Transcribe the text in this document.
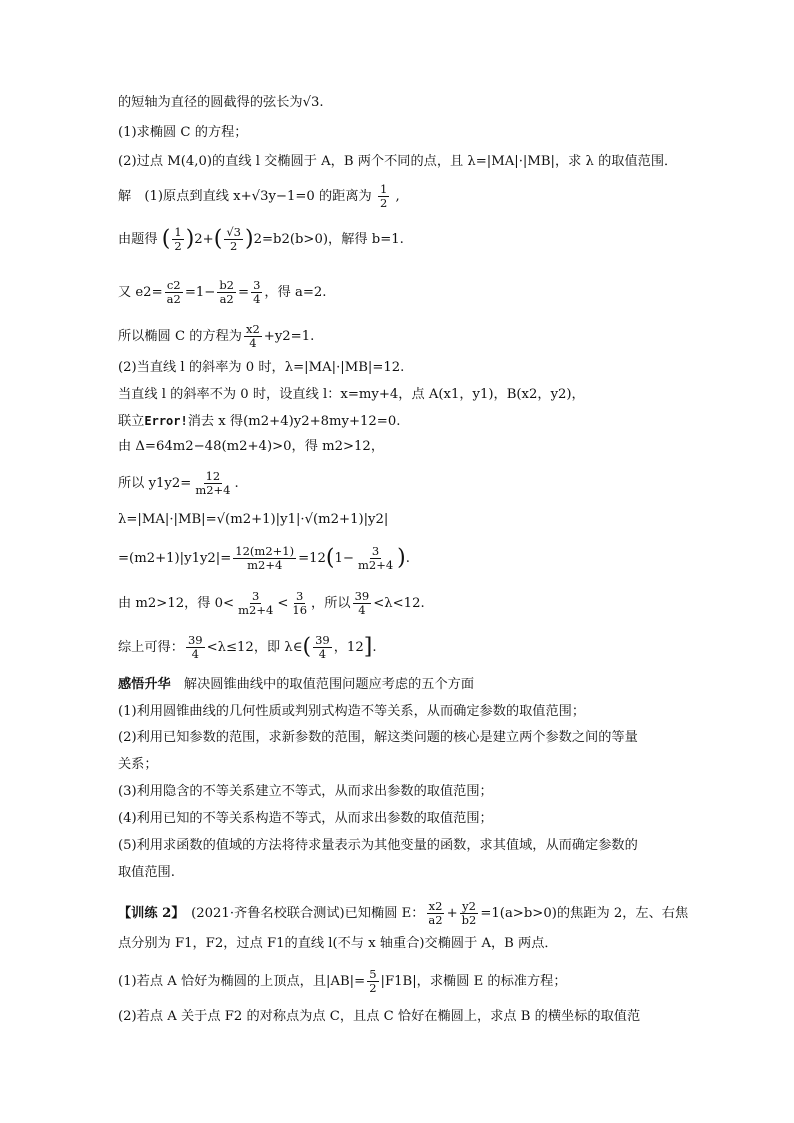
的短轴为直径的圆截得的弦长为√3.
(1)求椭圆 C 的方程；
(2)过点 M(4,0)的直线 l 交椭圆于 A，B 两个不同的点，且 λ=|MA|·|MB|，求 λ 的取值范围．
解　(1)原点到直线 x+√3y−1=0 的距离为 $\frac{1}{2}$ ,
由题得 ( $\frac{1}{2} )2+( \frac{√3}{2} )2=b2(b>0)$，解得 b=1.
又 $e2= \frac{c2}{a2} =1- \frac{b2}{a2} = \frac{3}{4}$ ，得 a=2.
所以椭圆 C 的方程为 $\frac{x2}{4} +y2=1$.
(2)当直线 l 的斜率为 0 时，λ=|MA|·|MB|=12.
当直线 l 的斜率不为 0 时，设直线 l：x=my+4，点 A(x1，y1)，B(x2，y2)，
联立Error!消去 x 得(m2+4)y2+8my+12=0.
由 Δ=64m2−48(m2+4)>0，得 m2>12，
所以 $y1y2= \frac{12}{m2+4}$ .
λ=|MA|·|MB|=√(m2+1)|y1|·√(m2+1)|y2|
$=(m2+1)|y1y2|= \frac{12(m2+1)}{m2+4} =12(1- \frac{3}{m2+4}$ ).
由 m2>12，得 $0< \frac{3}{m2+4} < \frac{3}{16}$ ，所以 $\frac{39}{4} <\lambda<12$.
综上可得： $\frac{39}{4} <\lambda\le 12$，即 λ∈( $\frac{39}{4}$ ，12].
感悟升华　解决圆锥曲线中的取值范围问题应考虑的五个方面
(1)利用圆锥曲线的几何性质或判别式构造不等关系，从而确定参数的取值范围；
(2)利用已知参数的范围，求新参数的范围，解这类问题的核心是建立两个参数之间的等量
关系；
(3)利用隐含的不等关系建立不等式，从而求出参数的取值范围；
(4)利用已知的不等关系构造不等式，从而求出参数的取值范围；
(5)利用求函数的值域的方法将待求量表示为其他变量的函数，求其值域，从而确定参数的
取值范围.
【训练 2】　(2021·齐鲁名校联合测试)已知椭圆 E： $\frac{x2}{a2} + \frac{y2}{b2} =1(a>b>0)$的焦距为 2，左、右焦
点分别为 F1，F2，过点 F1的直线 l(不与 x 轴重合)交椭圆于 A，B 两点．
(1)若点 A 恰好为椭圆的上顶点，且$|AB|= \frac{5}{2} |F1B|$，求椭圆 E 的标准方程；
(2)若点 A 关于点 F2 的对称点为点 C，且点 C 恰好在椭圆上，求点 B 的横坐标的取值范
